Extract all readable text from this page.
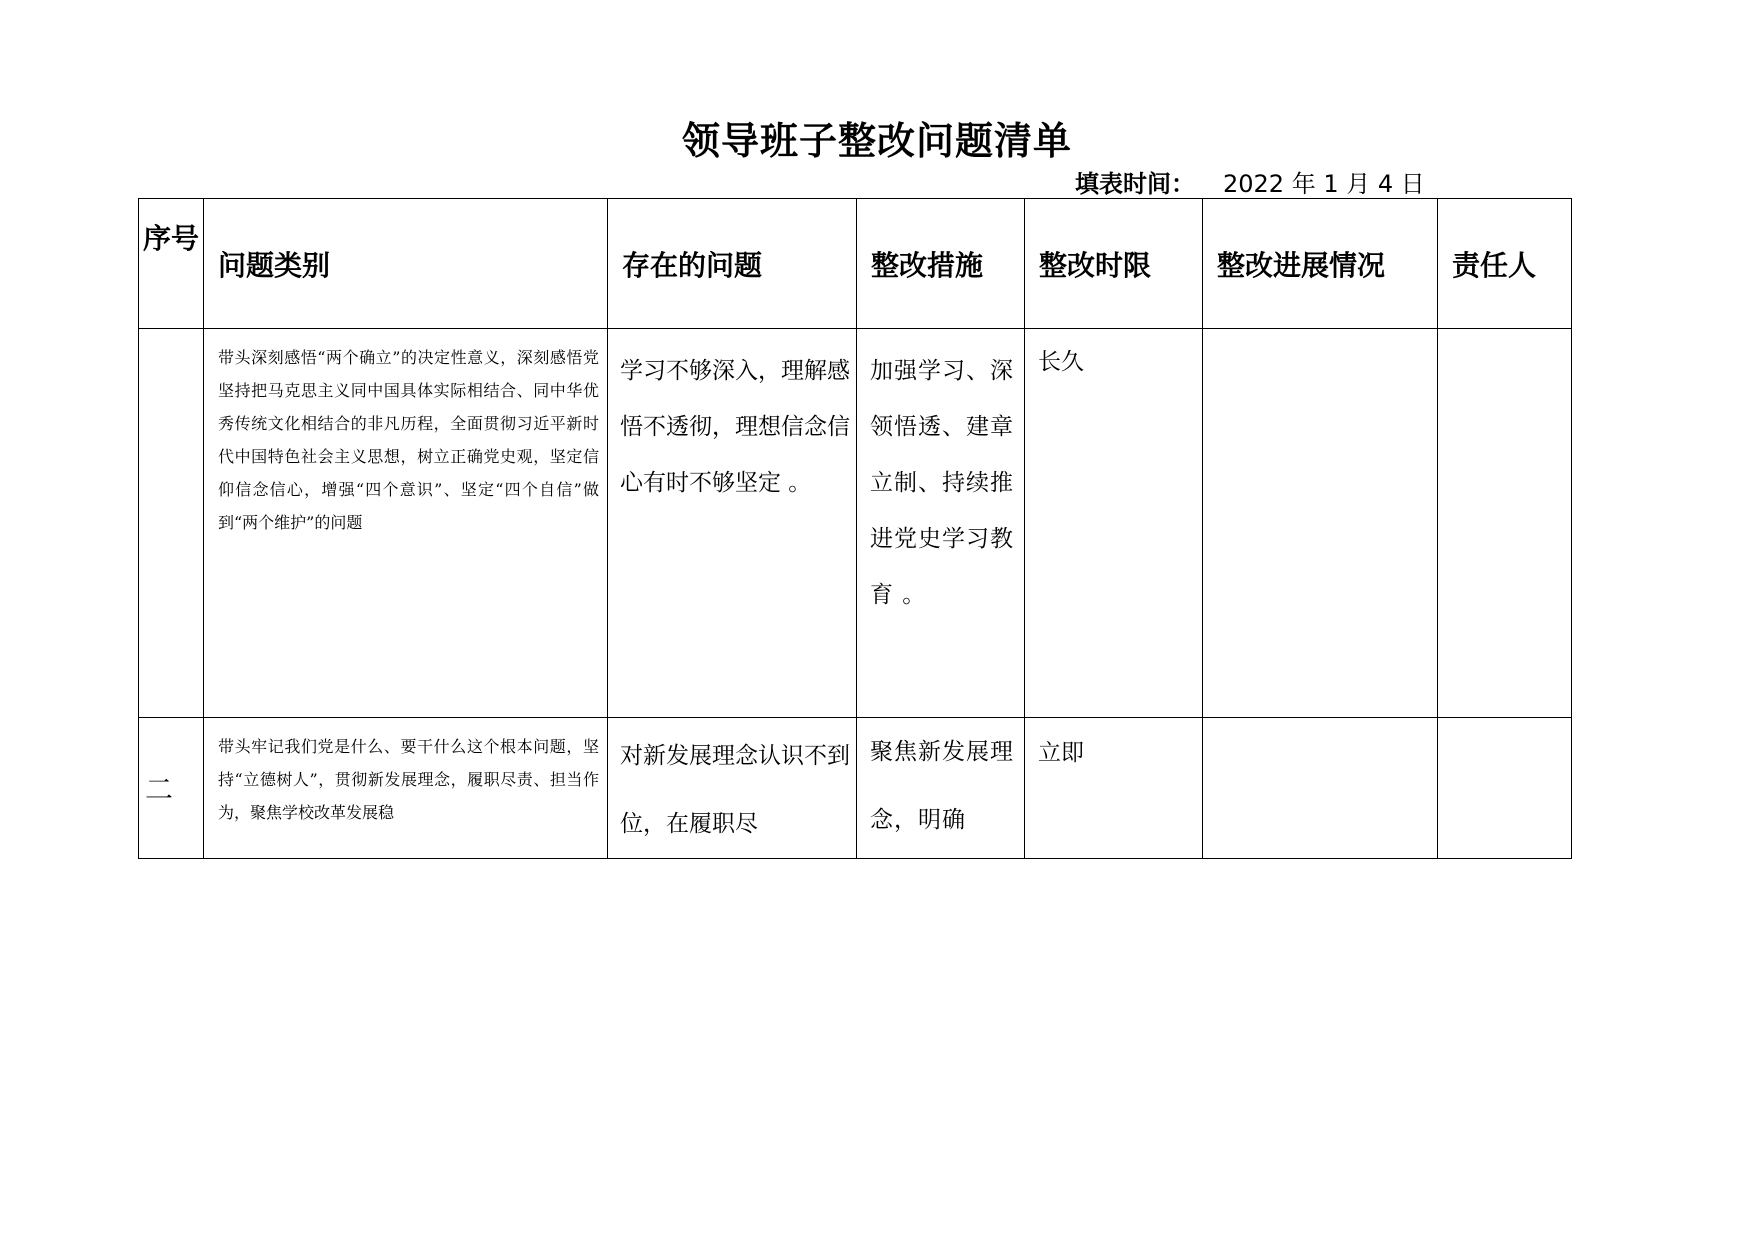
领导班子整改问题清单
填表时间： 2022 年 1 月 4 日
序号	问题类别	存在的问题	整改措施	整改时限	整改进展情况	责任人

	带头深刻感悟“两个确立”的决定性意义，深刻感悟党坚持把马克思主义同中国具体实际相结合、同中华优秀传统文化相结合的非凡历程，全面贯彻习近平新时代中国特色社会主义思想，树立正确党史观，坚定信仰信念信心，增强“四个意识”、坚定“四个自信”做到“两个维护”的问题	学习不够深入，理解感悟不透彻，理想信念信心有时不够坚定 。	加强学习、深领悟透、建章立制、持续推进党史学习教育 。	长久		

二	带头牢记我们党是什么、要干什么这个根本问题，坚持“立德树人”，贯彻新发展理念，履职尽责、担当作为，聚焦学校改革发展稳	对新发展理念认识不到位，在履职尽	聚焦新发展理念，明确	立即		
